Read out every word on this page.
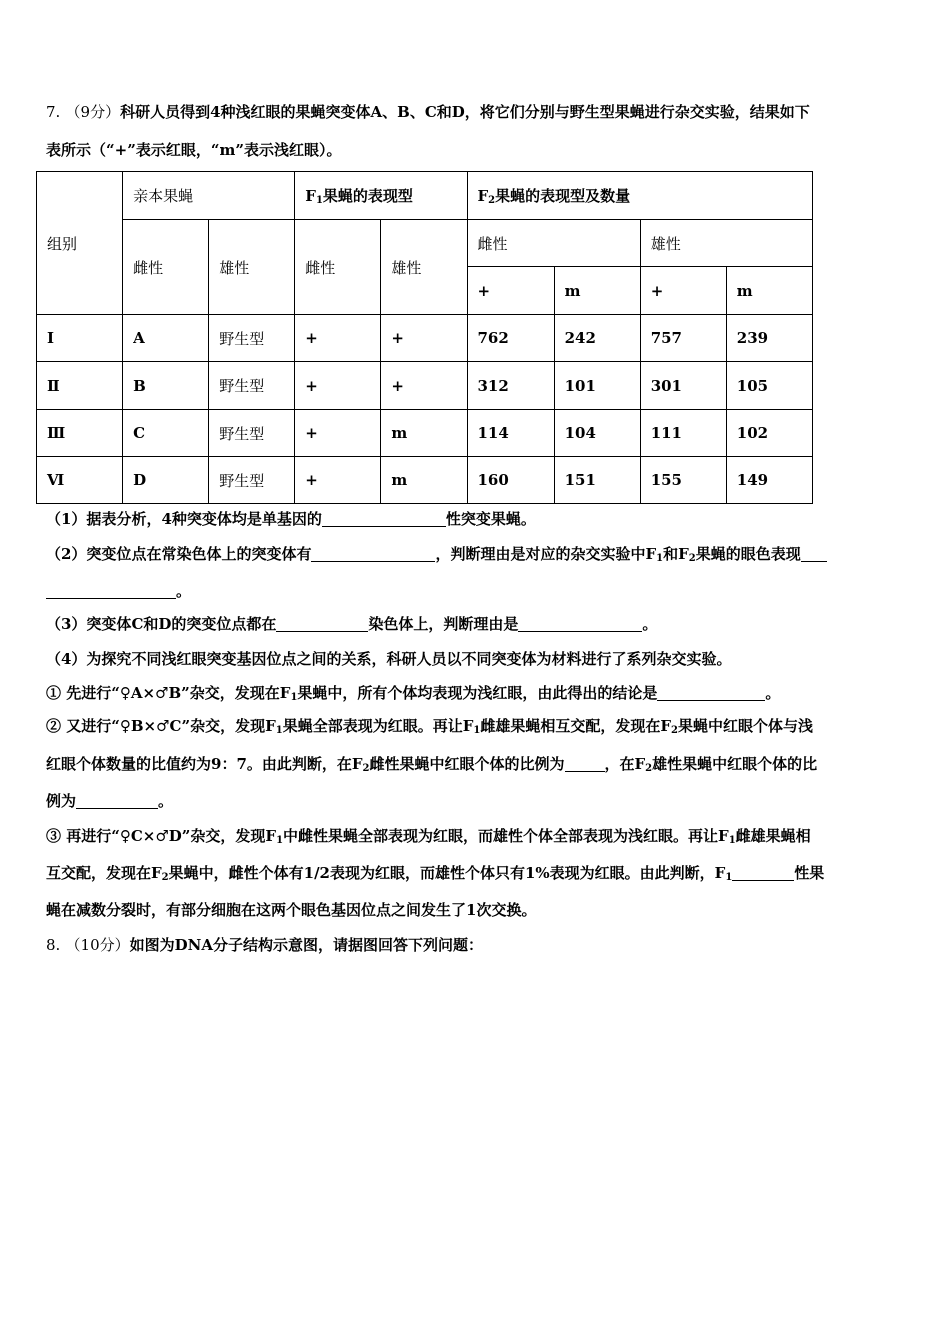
7. （9分）科研人员得到4种浅红眼的果蝇突变体A、B、C和D，将它们分别与野生型果蝇进行杂交实验，结果如下
表所示（“+”表示红眼，“m”表示浅红眼）。
组别	亲本果蝇		$F_1$果蝇的表现型		$F_2$果蝇的表现型及数量			
	雌性	雄性	雌性	雄性	雌性		雄性	
					+	m	+	m
Ⅰ	A	野生型	+	+	762	242	757	239
Ⅱ	B	野生型	+	+	312	101	301	105
Ⅲ	C	野生型	+	m	114	104	111	102
Ⅵ	D	野生型	+	m	160	151	155	149
（1）据表分析，4种突变体均是单基因的	性突变果蝇。
（2）突变位点在常染色体上的突变体有	，判断理由是对应的杂交实验中$F_1$和$F_2$果蝇的眼色表现
。
（3）突变体C和D的突变位点都在	染色体上，判断理由是	。
（4）为探究不同浅红眼突变基因位点之间的关系，科研人员以不同突变体为材料进行了系列杂交实验。
① 先进行“♀A×♂B”杂交，发现在$F_1$果蝇中，所有个体均表现为浅红眼，由此得出的结论是	。
② 又进行“♀B×♂C”杂交，发现$F_1$果蝇全部表现为红眼。再让$F_1$雌雄果蝇相互交配，发现在$F_2$果蝇中红眼个体与浅
红眼个体数量的比值约为9：7。由此判断，在$F_2$雌性果蝇中红眼个体的比例为	，在$F_2$雄性果蝇中红眼个体的比
例为	。
③ 再进行“♀C×♂D”杂交，发现$F_1$中雌性果蝇全部表现为红眼，而雄性个体全部表现为浅红眼。再让$F_1$雌雄果蝇相
互交配，发现在$F_2$果蝇中，雌性个体有1/2表现为红眼，而雄性个体只有1%表现为红眼。由此判断，$F_1$	性果
蝇在减数分裂时，有部分细胞在这两个眼色基因位点之间发生了1次交换。
8. （10分）如图为DNA分子结构示意图，请据图回答下列问题：
